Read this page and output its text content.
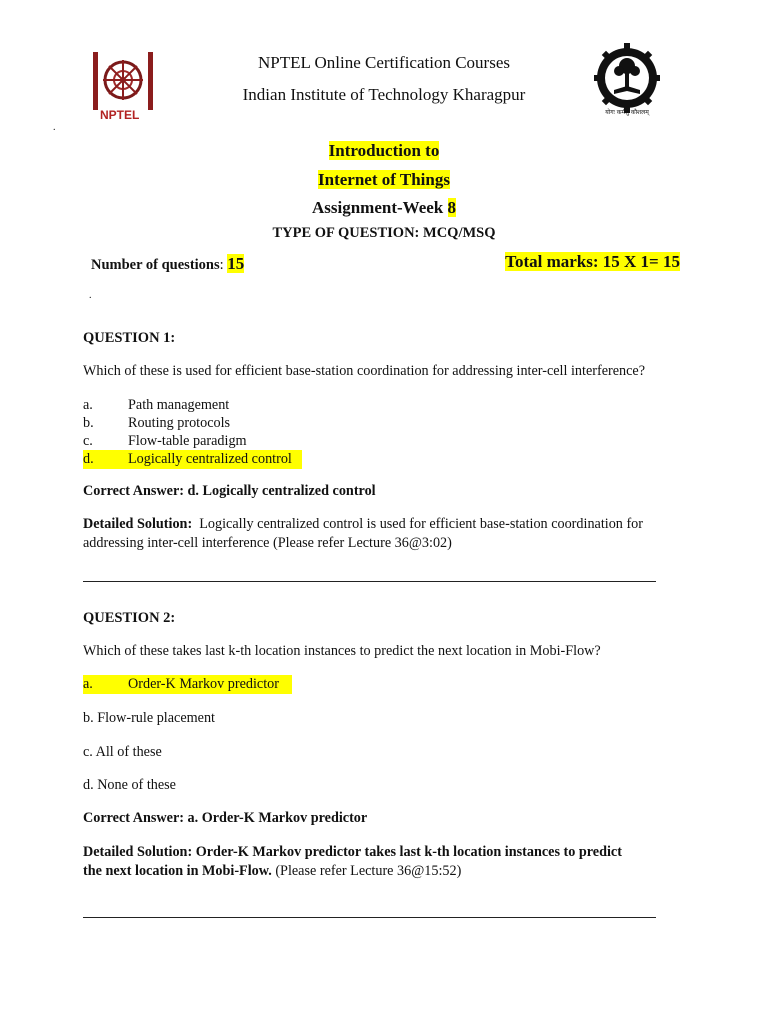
NPTEL	योगः कर्मसु कौशलम्
NPTEL Online Certification Courses
Indian Institute of Technology Kharagpur
.
Introduction to
Internet of Things
Assignment-Week 8
TYPE OF QUESTION: MCQ/MSQ
Number of questions: 15	Total marks: 15 X 1= 15
.
QUESTION 1:
Which of these is used for efficient base-station coordination for addressing inter-cell interference?
a. Path management
b. Routing protocols
c. Flow-table paradigm
d. Logically centralized control
Correct Answer: d. Logically centralized control
Detailed Solution:  Logically centralized control is used for efficient base-station coordination for
addressing inter-cell interference (Please refer Lecture 36@3:02)
QUESTION 2:
Which of these takes last k-th location instances to predict the next location in Mobi-Flow?
a. Order-K Markov predictor
b. Flow-rule placement
c. All of these
d. None of these
Correct Answer: a. Order-K Markov predictor
Detailed Solution: Order-K Markov predictor takes last k-th location instances to predict
the next location in Mobi-Flow. (Please refer Lecture 36@15:52)
